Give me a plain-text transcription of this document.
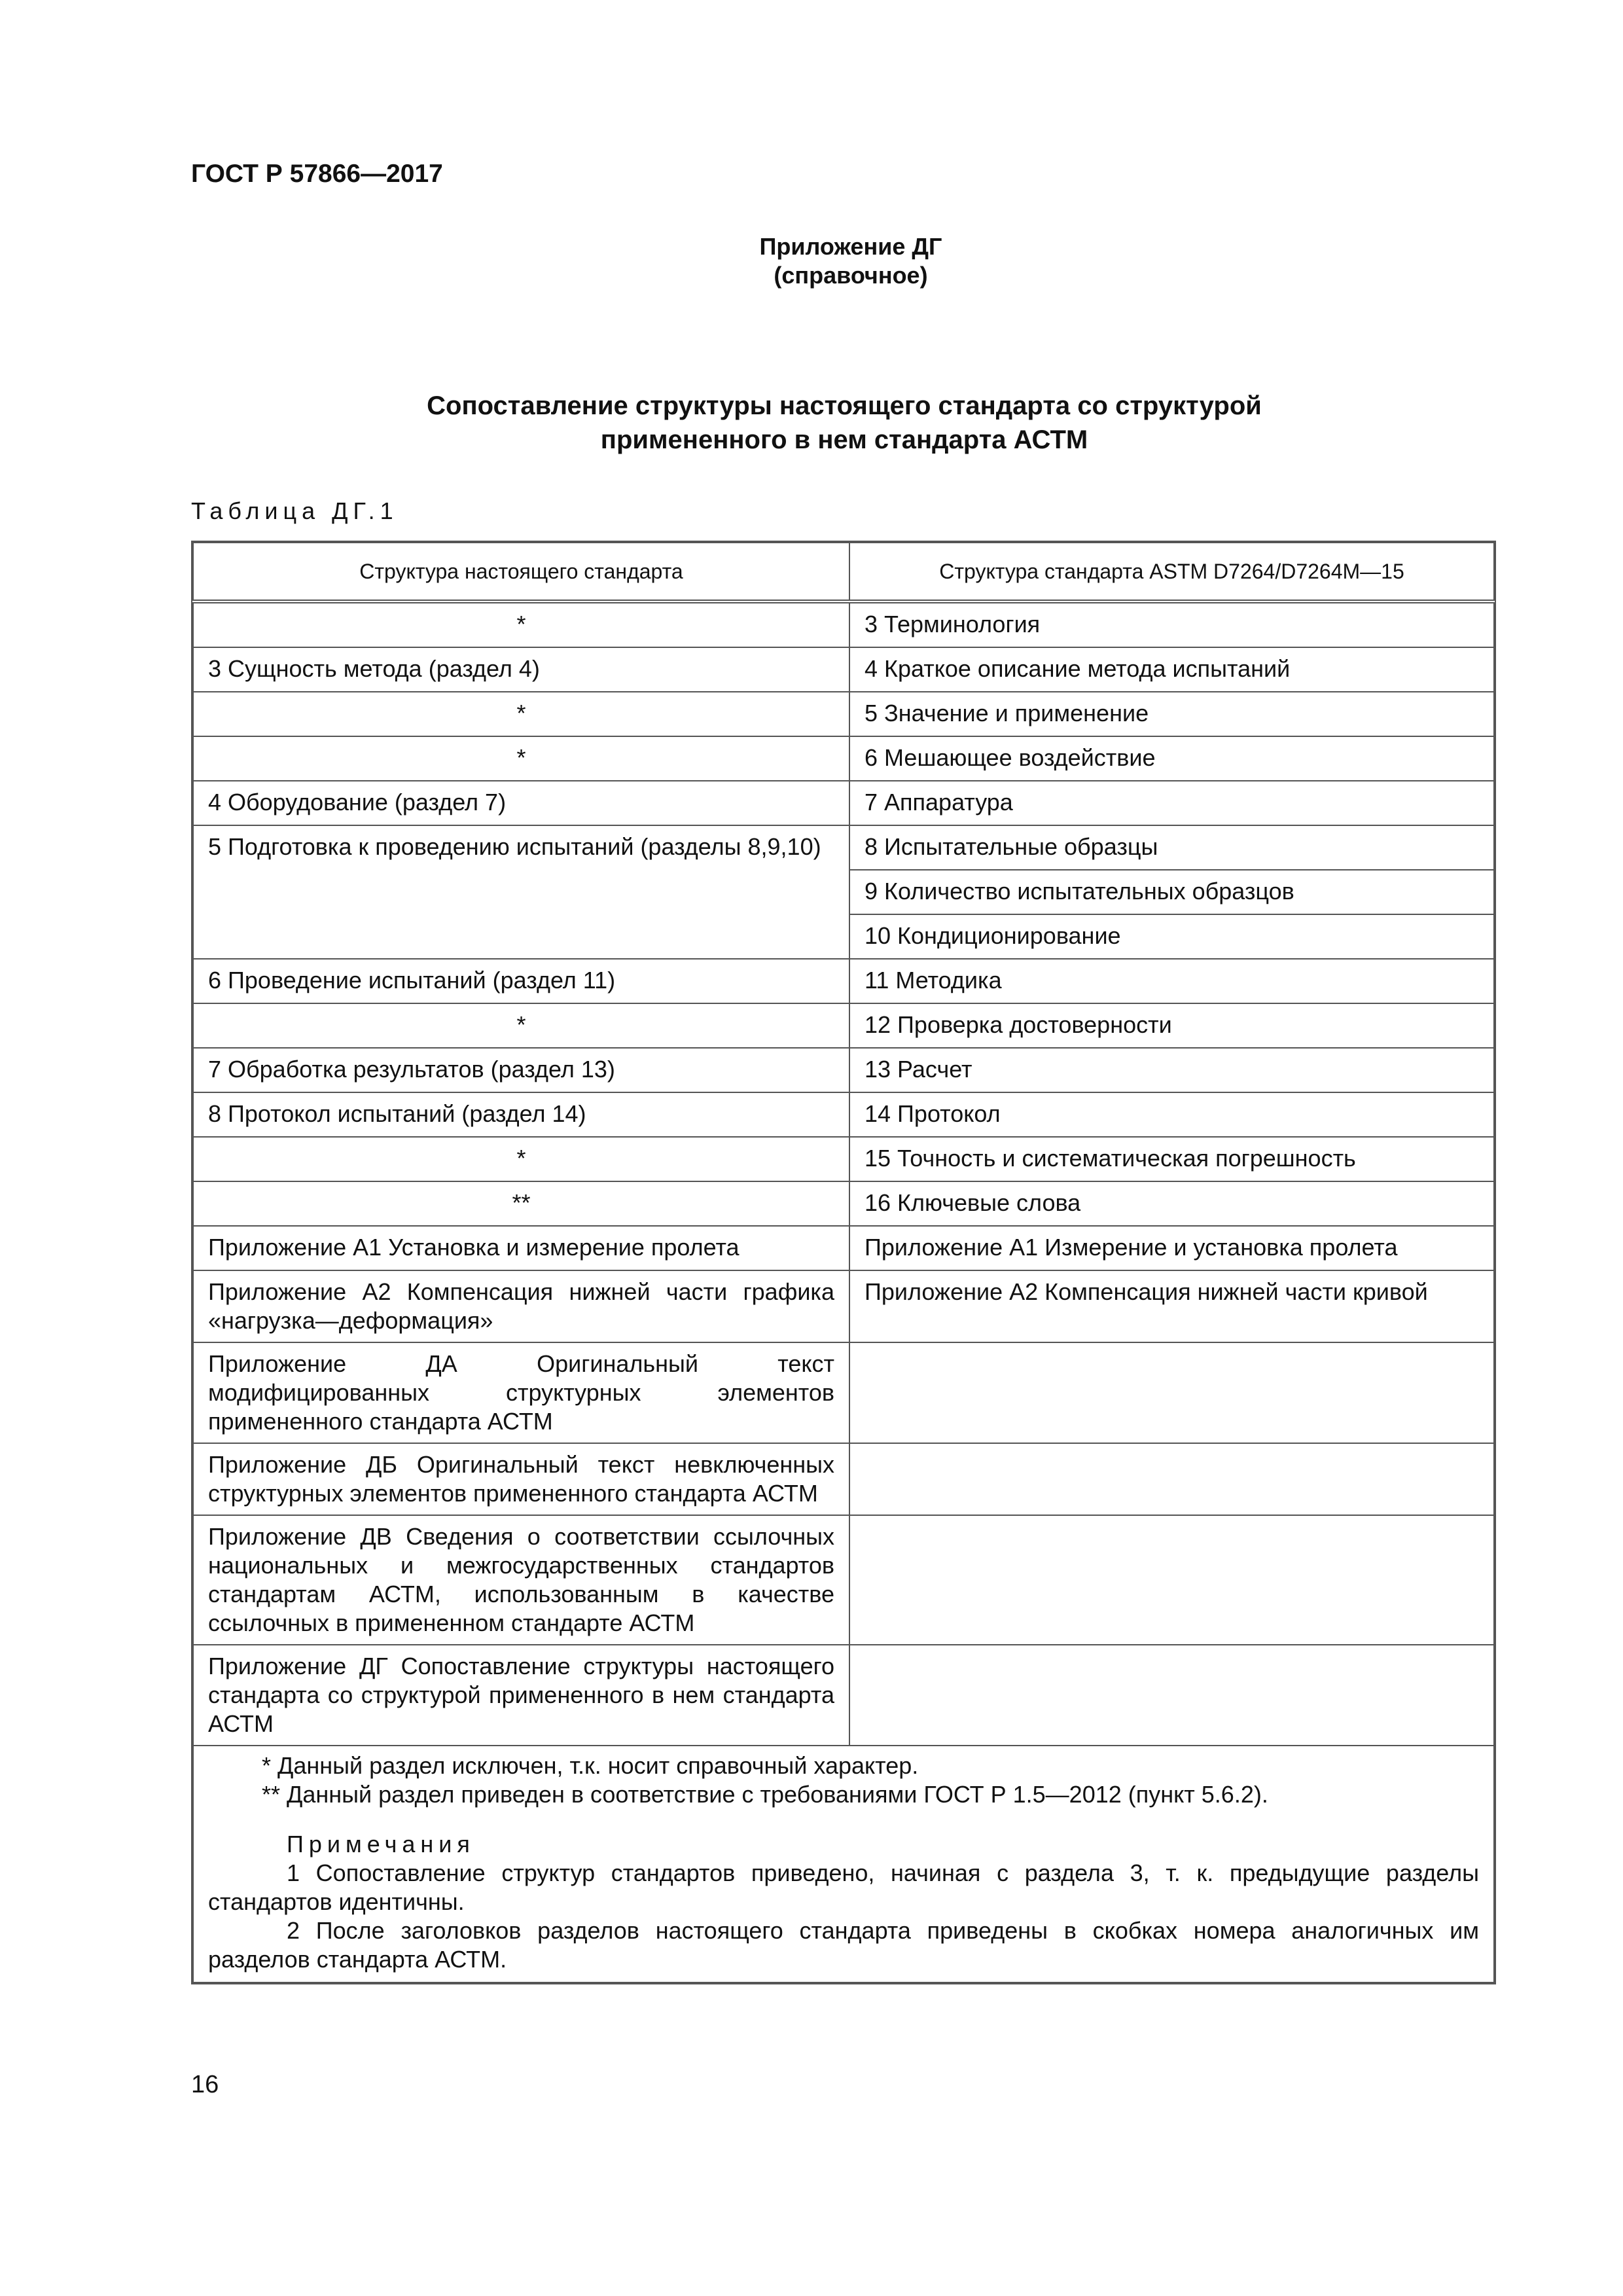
ГОСТ Р 57866—2017
Приложение ДГ
(справочное)
Сопоставление структуры настоящего стандарта со структурой
примененного в нем стандарта АСТМ
Таблица ДГ.1
Структура настоящего стандарта	Структура стандарта ASTM D7264/D7264M—15
*	3 Терминология
3 Сущность метода (раздел 4)	4 Краткое описание метода испытаний
*	5 Значение и применение
*	6 Мешающее воздействие
4 Оборудование (раздел 7)	7 Аппаратура
5 Подготовка к проведению испытаний (разделы 8,9,10)	8 Испытательные образцы
	9 Количество испытательных образцов
	10 Кондиционирование
6 Проведение испытаний (раздел 11)	11 Методика
*	12 Проверка достоверности
7 Обработка результатов (раздел 13)	13 Расчет
8 Протокол испытаний (раздел 14)	14 Протокол
*	15 Точность и систематическая погрешность
**	16 Ключевые слова
Приложение А1 Установка и измерение пролета	Приложение А1 Измерение и установка пролета
Приложение А2 Компенсация нижней части графика «нагрузка—деформация»	Приложение А2 Компенсация нижней части кривой
Приложение ДА Оригинальный текст модифицированных структурных элементов примененного стандарта АСТМ	
Приложение ДБ Оригинальный текст невключенных структурных элементов примененного стандарта АСТМ	
Приложение ДВ Сведения о соответствии ссылочных национальных и межгосударственных стандартов стандартам АСТМ, использованным в качестве ссылочных в примененном стандарте АСТМ	
Приложение ДГ Сопоставление структуры настоящего стандарта со структурой примененного в нем стандарта АСТМ	

* Данный раздел исключен, т.к. носит справочный характер.
** Данный раздел приведен в соответствие с требованиями ГОСТ Р 1.5—2012 (пункт 5.6.2).
Примечания
1 Сопоставление структур стандартов приведено, начиная с раздела 3, т. к. предыдущие разделы стандартов идентичны.
2 После заголовков разделов настоящего стандарта приведены в скобках номера аналогичных им разделов стандарта АСТМ.	
16
